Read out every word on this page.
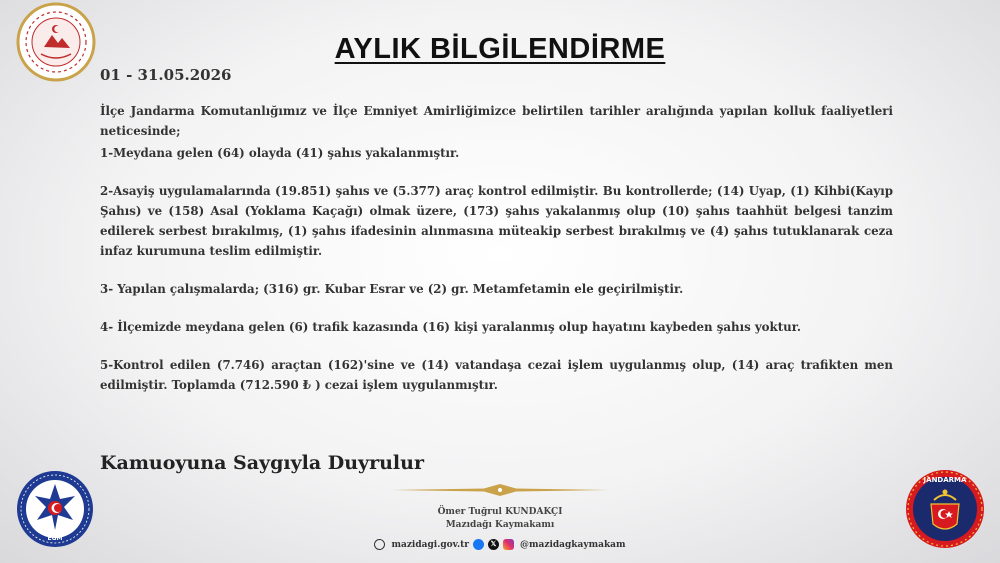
AYLIK BİLGİLENDİRME
01 - 31.05.2026

İlçe Jandarma Komutanlığımız ve İlçe Emniyet Amirliğimizce belirtilen tarihler aralığında yapılan kolluk faaliyetleri neticesinde;

1-Meydana gelen (64) olayda (41) şahıs yakalanmıştır.

2-Asayiş uygulamalarında (19.851) şahıs ve (5.377) araç kontrol edilmiştir. Bu kontrollerde; (14) Uyap, (1) Kihbi(Kayıp Şahıs) ve (158) Asal (Yoklama Kaçağı) olmak üzere, (173) şahıs yakalanmış olup (10) şahıs taahhüt belgesi tanzim edilerek serbest bırakılmış, (1) şahıs ifadesinin alınmasına müteakip serbest bırakılmış ve (4) şahıs tutuklanarak ceza infaz kurumuna teslim edilmiştir.

3- Yapılan çalışmalarda; (316) gr. Kubar Esrar ve (2) gr. Metamfetamin ele geçirilmiştir.

4- İlçemizde meydana gelen (6) trafik kazasında (16) kişi yaralanmış olup hayatını kaybeden şahıs yoktur.

5-Kontrol edilen (7.746) araçtan (162)'sine ve (14) vatandaşa cezai işlem uygulanmış olup, (14) araç trafikten men edilmiştir. Toplamda (712.590 ₺ ) cezai işlem uygulanmıştır.

Kamuoyuna Saygıyla Duyrulur
Ömer Tuğrul KUNDAKÇI
Mazıdağı Kaymakamı
mazidagi.gov.tr	𝕏	@mazidagkaymakam
EGM
JANDARMA
